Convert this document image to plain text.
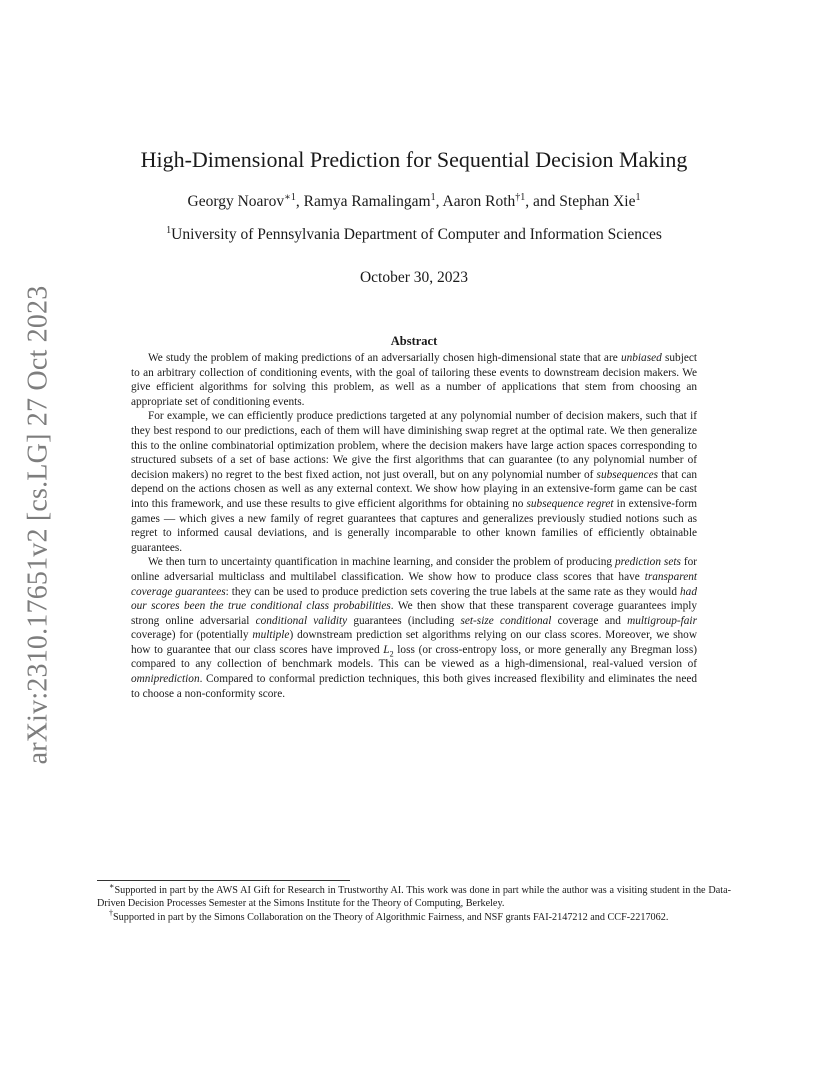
arXiv:2310.17651v2 [cs.LG] 27 Oct 2023
High-Dimensional Prediction for Sequential Decision Making
Georgy Noarov$^{∗1}$, Ramya Ramalingam$^1$, Aaron Roth$^{\dagger 1}$, and Stephan Xie$^1$
$^1$University of Pennsylvania Department of Computer and Information Sciences
October 30, 2023
Abstract

We study the problem of making predictions of an adversarially chosen high-dimensional state that are unbiased subject to an arbitrary collection of conditioning events, with the goal of tailoring these events to downstream decision makers. We give efficient algorithms for solving this problem, as well as a number of applications that stem from choosing an appropriate set of conditioning events.

For example, we can efficiently produce predictions targeted at any polynomial number of decision makers, such that if they best respond to our predictions, each of them will have diminishing swap regret at the optimal rate. We then generalize this to the online combinatorial optimization problem, where the decision makers have large action spaces corresponding to structured subsets of a set of base actions: We give the first algorithms that can guarantee (to any polynomial number of decision makers) no regret to the best fixed action, not just overall, but on any polynomial number of subsequences that can depend on the actions chosen as well as any external context. We show how playing in an extensive-form game can be cast into this framework, and use these results to give efficient algorithms for obtaining no subsequence regret in extensive-form games — which gives a new family of regret guarantees that captures and generalizes previously studied notions such as regret to informed causal deviations, and is generally incomparable to other known families of efficiently obtainable guarantees.

We then turn to uncertainty quantification in machine learning, and consider the problem of producing prediction sets for online adversarial multiclass and multilabel classification. We show how to produce class scores that have transparent coverage guarantees: they can be used to produce prediction sets covering the true labels at the same rate as they would had our scores been the true conditional class probabilities. We then show that these transparent coverage guarantees imply strong online adversarial conditional validity guarantees (including set-size conditional coverage and multigroup-fair coverage) for (potentially multiple) downstream prediction set algorithms relying on our class scores. Moreover, we show how to guarantee that our class scores have improved $L_2$ loss (or cross-entropy loss, or more generally any Bregman loss) compared to any collection of benchmark models. This can be viewed as a high-dimensional, real-valued version of omniprediction. Compared to conformal prediction techniques, this both gives increased flexibility and eliminates the need to choose a non-conformity score.

∗Supported in part by the AWS AI Gift for Research in Trustworthy AI. This work was done in part while the author was a visiting student in the Data-Driven Decision Processes Semester at the Simons Institute for the Theory of Computing, Berkeley.

†Supported in part by the Simons Collaboration on the Theory of Algorithmic Fairness, and NSF grants FAI-2147212 and CCF-2217062.
